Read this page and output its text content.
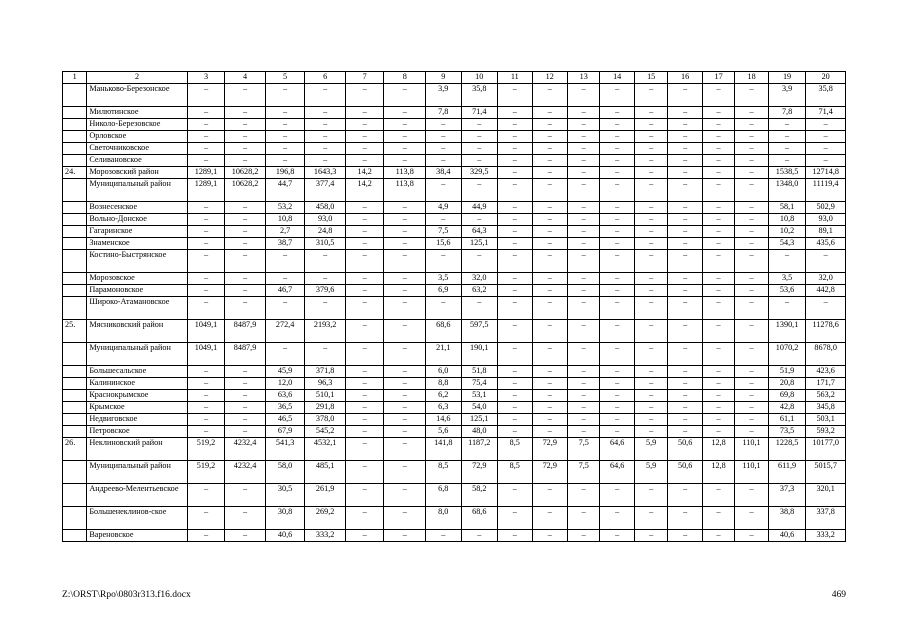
1	2	3	4	5	6	7	8	9	10	11	12	13	14	15	16	17	18	19	20
	Маньково-Березонское	–	–	–	–	–	–	3,9	35,8	–	–	–	–	–	–	–	–	3,9	35,8
	Милютинское	–	–	–	–	–	–	7,8	71,4	–	–	–	–	–	–	–	–	7,8	71,4
	Николо-Березовское	–	–	–	–	–	–	–	–	–	–	–	–	–	–	–	–	–	–
	Орловское	–	–	–	–	–	–	–	–	–	–	–	–	–	–	–	–	–	–
	Светочниковское	–	–	–	–	–	–	–	–	–	–	–	–	–	–	–	–	–	–
	Селивановское	–	–	–	–	–	–	–	–	–	–	–	–	–	–	–	–	–	–
24.	Морозовский район	1289,1	10628,2	196,8	1643,3	14,2	113,8	38,4	329,5	–	–	–	–	–	–	–	–	1538,5	12714,8
	Муниципальный район	1289,1	10628,2	44,7	377,4	14,2	113,8	–	–	–	–	–	–	–	–	–	–	1348,0	11119,4
	Вознесенское	–	–	53,2	458,0	–	–	4,9	44,9	–	–	–	–	–	–	–	–	58,1	502,9
	Вольно-Донское	–	–	10,8	93,0	–	–	–	–	–	–	–	–	–	–	–	–	10,8	93,0
	Гагаринское	–	–	2,7	24,8	–	–	7,5	64,3	–	–	–	–	–	–	–	–	10,2	89,1
	Знаменское	–	–	38,7	310,5	–	–	15,6	125,1	–	–	–	–	–	–	–	–	54,3	435,6
	Костино-Быстрянское	–	–	–	–	–	–	–	–	–	–	–	–	–	–	–	–	–	–
	Морозовское	–	–	–	–	–	–	3,5	32,0	–	–	–	–	–	–	–	–	3,5	32,0
	Парамоновское	–	–	46,7	379,6	–	–	6,9	63,2	–	–	–	–	–	–	–	–	53,6	442,8
	Широко-Атамановское	–	–	–	–	–	–	–	–	–	–	–	–	–	–	–	–	–	–
25.	Мясниковский район	1049,1	8487,9	272,4	2193,2	–	–	68,6	597,5	–	–	–	–	–	–	–	–	1390,1	11278,6
	Муниципальный район	1049,1	8487,9	–	–	–	–	21,1	190,1	–	–	–	–	–	–	–	–	1070,2	8678,0
	Большесальское	–	–	45,9	371,8	–	–	6,0	51,8	–	–	–	–	–	–	–	–	51,9	423,6
	Калининское	–	–	12,0	96,3	–	–	8,8	75,4	–	–	–	–	–	–	–	–	20,8	171,7
	Краснокрымское	–	–	63,6	510,1	–	–	6,2	53,1	–	–	–	–	–	–	–	–	69,8	563,2
	Крымское	–	–	36,5	291,8	–	–	6,3	54,0	–	–	–	–	–	–	–	–	42,8	345,8
	Недвиговское	–	–	46,5	378,0	–	–	14,6	125,1	–	–	–	–	–	–	–	–	61,1	503,1
	Петровское	–	–	67,9	545,2	–	–	5,6	48,0	–	–	–	–	–	–	–	–	73,5	593,2
26.	Неклиновский район	519,2	4232,4	541,3	4532,1	–	–	141,8	1187,2	8,5	72,9	7,5	64,6	5,9	50,6	12,8	110,1	1228,5	10177,0
	Муниципальный район	519,2	4232,4	58,0	485,1	–	–	8,5	72,9	8,5	72,9	7,5	64,6	5,9	50,6	12,8	110,1	611,9	5015,7
	Андреево-Мелентьевское	–	–	30,5	261,9	–	–	6,8	58,2	–	–	–	–	–	–	–	–	37,3	320,1
	Большенеклинов-ское	–	–	30,8	269,2	–	–	8,0	68,6	–	–	–	–	–	–	–	–	38,8	337,8
	Вареновское	–	–	40,6	333,2	–	–	–	–	–	–	–	–	–	–	–	–	40,6	333,2
Z:\ORST\Rpo\0803r313.f16.docx	469
